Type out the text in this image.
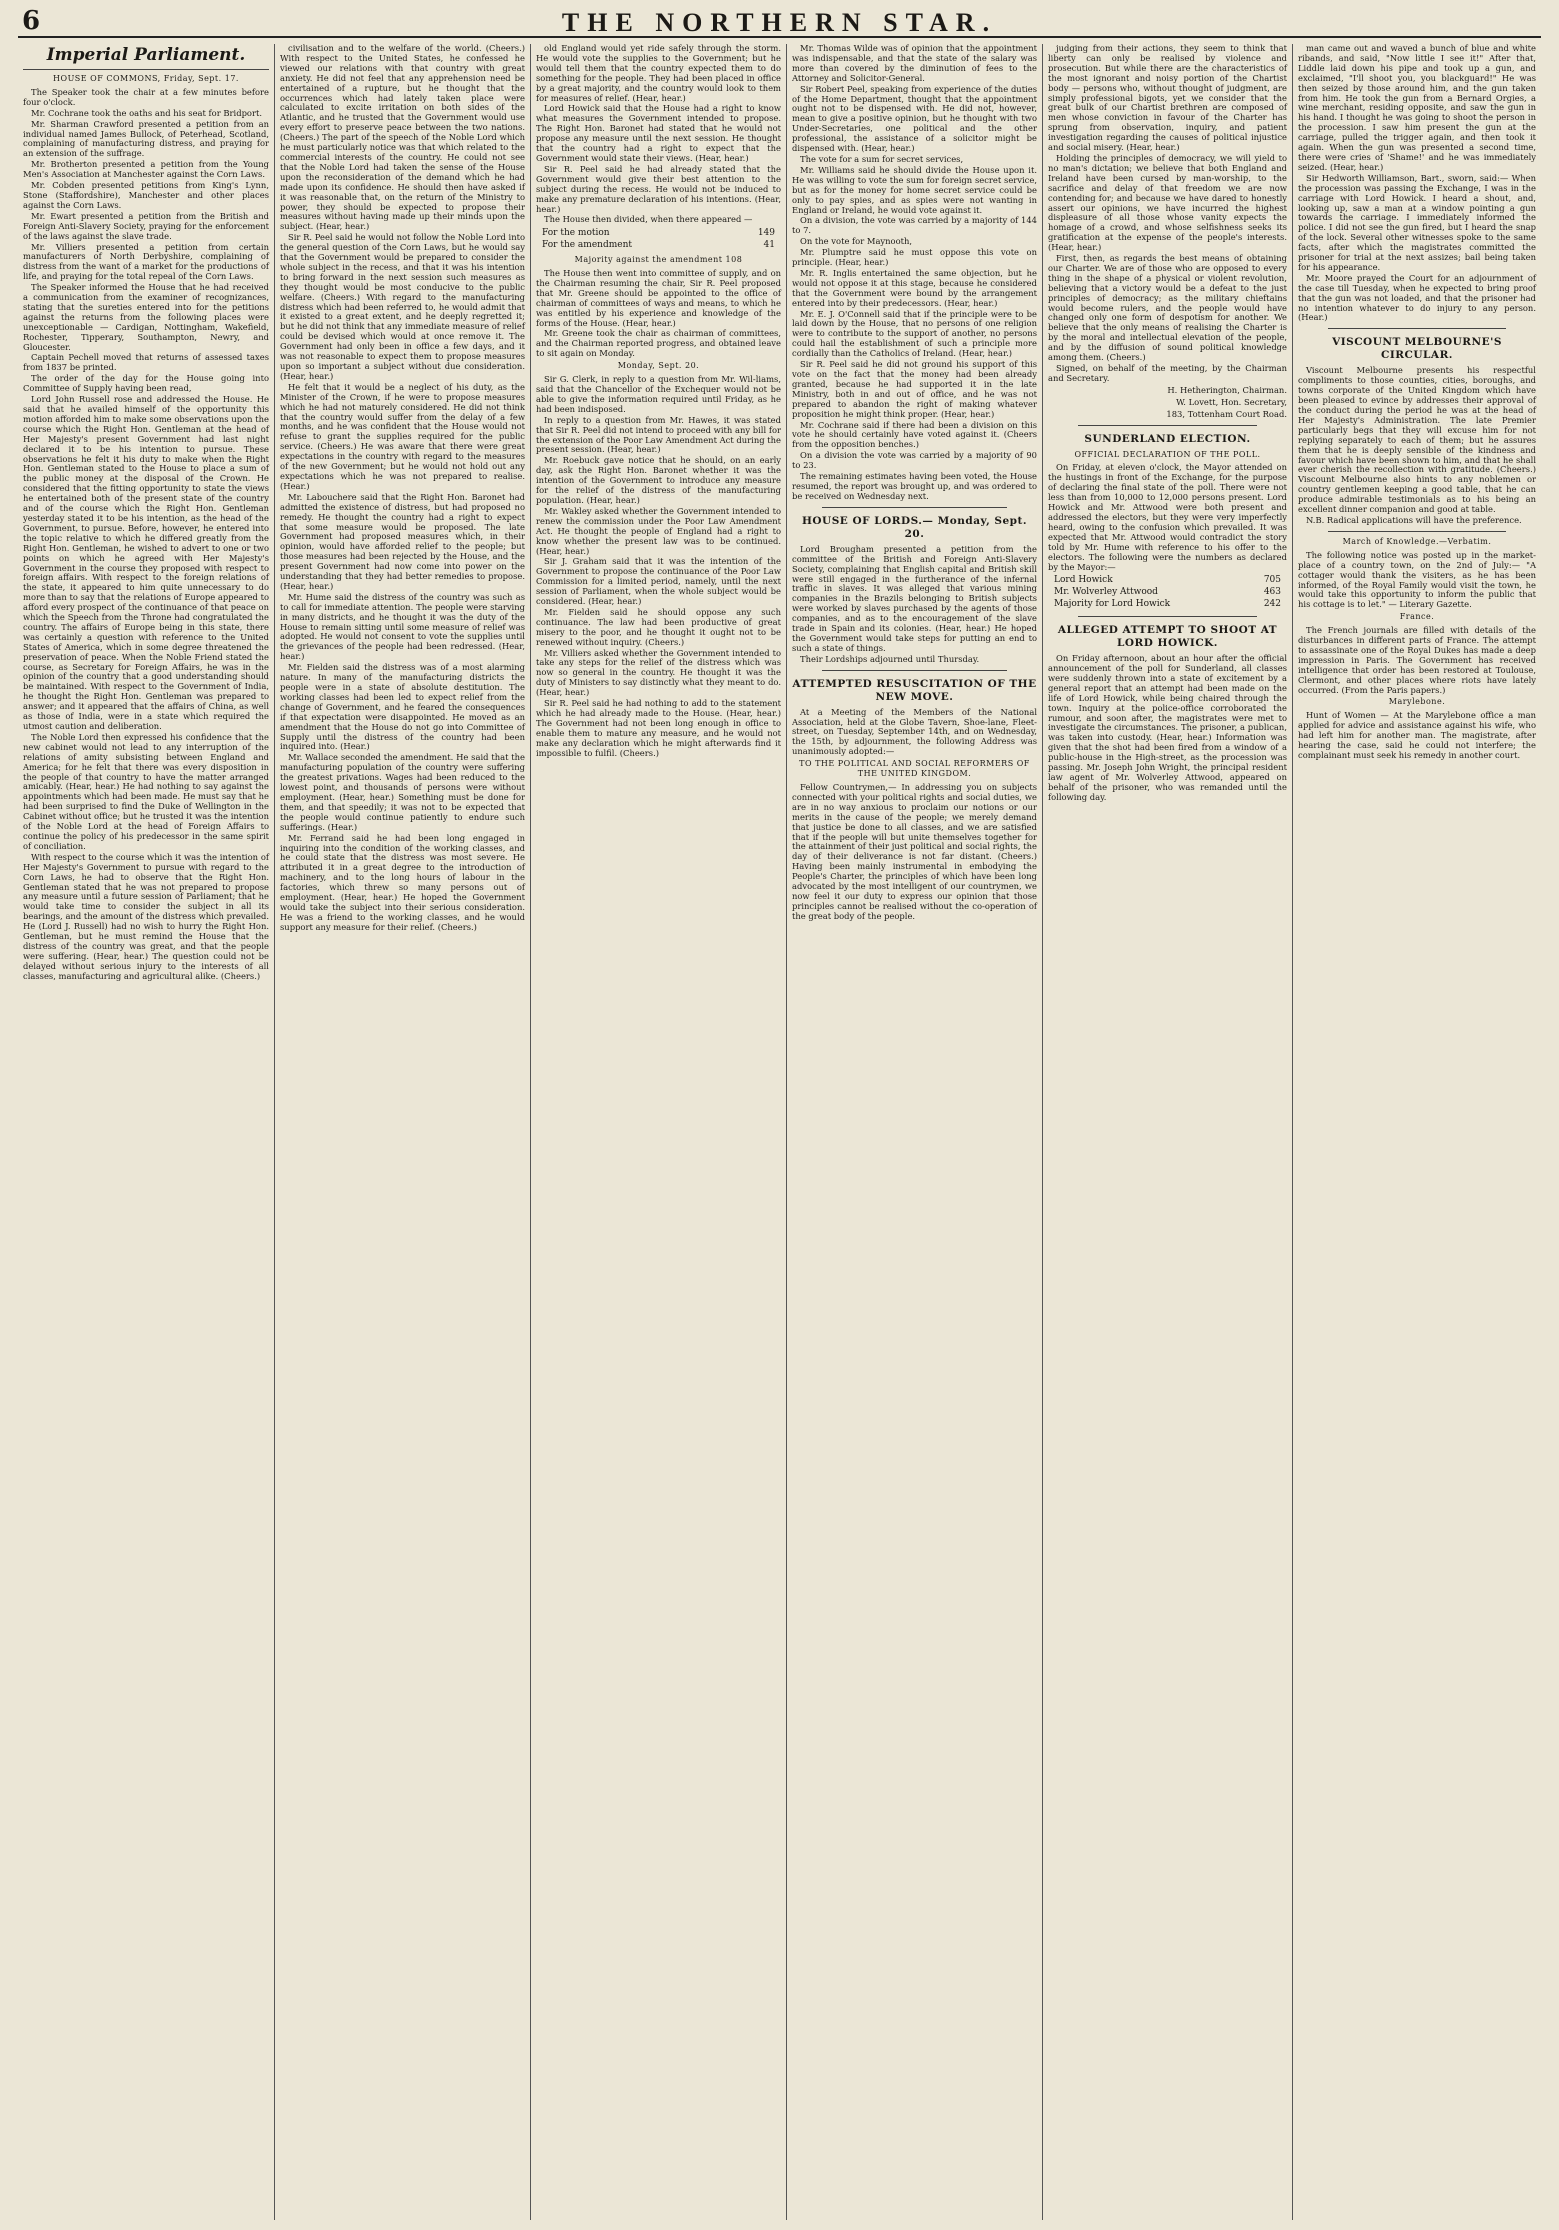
6	THE NORTHERN STAR.
Imperial Parliament.
HOUSE OF COMMONS, Friday, Sept. 17.

The Speaker took the chair at a few minutes before four o'clock.

Mr. Cochrane took the oaths and his seat for Bridport.

Mr. Sharman Crawford presented a petition from an individual named James Bullock, of Peterhead, Scotland, complaining of manufacturing distress, and praying for an extension of the suffrage.

Mr. Brotherton presented a petition from the Young Men's Association at Manchester against the Corn Laws.

Mr. Cobden presented petitions from King's Lynn, Stone (Staffordshire), Manchester and other places against the Corn Laws.

Mr. Ewart presented a petition from the British and Foreign Anti-Slavery Society, praying for the enforcement of the laws against the slave trade.

Mr. Villiers presented a petition from certain manufacturers of North Derbyshire, complaining of distress from the want of a market for the productions of life, and praying for the total repeal of the Corn Laws.

The Speaker informed the House that he had received a communication from the examiner of recognizances, stating that the sureties entered into for the petitions against the returns from the following places were unexceptionable — Cardigan, Nottingham, Wakefield, Rochester, Tipperary, Southampton, Newry, and Gloucester.

Captain Pechell moved that returns of assessed taxes from 1837 be printed.

The order of the day for the House going into Committee of Supply having been read,

Lord John Russell rose and addressed the House. He said that he availed himself of the opportunity this motion afforded him to make some observations upon the course which the Right Hon. Gentleman at the head of Her Majesty's present Government had last night declared it to be his intention to pursue. These observations he felt it his duty to make when the Right Hon. Gentleman stated to the House to place a sum of the public money at the disposal of the Crown. He considered that the fitting opportunity to state the views he entertained both of the present state of the country and of the course which the Right Hon. Gentleman yesterday stated it to be his intention, as the head of the Government, to pursue. Before, however, he entered into the topic relative to which he differed greatly from the Right Hon. Gentleman, he wished to advert to one or two points on which he agreed with Her Majesty's Government in the course they proposed with respect to foreign affairs. With respect to the foreign relations of the state, it appeared to him quite unnecessary to do more than to say that the relations of Europe appeared to afford every prospect of the continuance of that peace on which the Speech from the Throne had congratulated the country. The affairs of Europe being in this state, there was certainly a question with reference to the United States of America, which in some degree threatened the preservation of peace. When the Noble Friend stated the course, as Secretary for Foreign Affairs, he was in the opinion of the country that a good understanding should be maintained. With respect to the Government of India, he thought the Right Hon. Gentleman was prepared to answer; and it appeared that the affairs of China, as well as those of India, were in a state which required the utmost caution and deliberation.

The Noble Lord then expressed his confidence that the new cabinet would not lead to any interruption of the relations of amity subsisting between England and America; for he felt that there was every disposition in the people of that country to have the matter arranged amicably. (Hear, hear.) He had nothing to say against the appointments which had been made. He must say that he had been surprised to find the Duke of Wellington in the Cabinet without office; but he trusted it was the intention of the Noble Lord at the head of Foreign Affairs to continue the policy of his predecessor in the same spirit of conciliation.

With respect to the course which it was the intention of Her Majesty's Government to pursue with regard to the Corn Laws, he had to observe that the Right Hon. Gentleman stated that he was not prepared to propose any measure until a future session of Parliament; that he would take time to consider the subject in all its bearings, and the amount of the distress which prevailed. He (Lord J. Russell) had no wish to hurry the Right Hon. Gentleman, but he must remind the House that the distress of the country was great, and that the people were suffering. (Hear, hear.) The question could not be delayed without serious injury to the interests of all classes, manufacturing and agricultural alike. (Cheers.)

civilisation and to the welfare of the world. (Cheers.) With respect to the United States, he confessed he viewed our relations with that country with great anxiety. He did not feel that any apprehension need be entertained of a rupture, but he thought that the occurrences which had lately taken place were calculated to excite irritation on both sides of the Atlantic, and he trusted that the Government would use every effort to preserve peace between the two nations. (Cheers.) The part of the speech of the Noble Lord which he must particularly notice was that which related to the commercial interests of the country. He could not see that the Noble Lord had taken the sense of the House upon the reconsideration of the demand which he had made upon its confidence. He should then have asked if it was reasonable that, on the return of the Ministry to power, they should be expected to propose their measures without having made up their minds upon the subject. (Hear, hear.)

Sir R. Peel said he would not follow the Noble Lord into the general question of the Corn Laws, but he would say that the Government would be prepared to consider the whole subject in the recess, and that it was his intention to bring forward in the next session such measures as they thought would be most conducive to the public welfare. (Cheers.) With regard to the manufacturing distress which had been referred to, he would admit that it existed to a great extent, and he deeply regretted it; but he did not think that any immediate measure of relief could be devised which would at once remove it. The Government had only been in office a few days, and it was not reasonable to expect them to propose measures upon so important a subject without due consideration. (Hear, hear.)

He felt that it would be a neglect of his duty, as the Minister of the Crown, if he were to propose measures which he had not maturely considered. He did not think that the country would suffer from the delay of a few months, and he was confident that the House would not refuse to grant the supplies required for the public service. (Cheers.) He was aware that there were great expectations in the country with regard to the measures of the new Government; but he would not hold out any expectations which he was not prepared to realise. (Hear.)

Mr. Labouchere said that the Right Hon. Baronet had admitted the existence of distress, but had proposed no remedy. He thought the country had a right to expect that some measure would be proposed. The late Government had proposed measures which, in their opinion, would have afforded relief to the people; but those measures had been rejected by the House, and the present Government had now come into power on the understanding that they had better remedies to propose. (Hear, hear.)

Mr. Hume said the distress of the country was such as to call for immediate attention. The people were starving in many districts, and he thought it was the duty of the House to remain sitting until some measure of relief was adopted. He would not consent to vote the supplies until the grievances of the people had been redressed. (Hear, hear.)

Mr. Fielden said the distress was of a most alarming nature. In many of the manufacturing districts the people were in a state of absolute destitution. The working classes had been led to expect relief from the change of Government, and he feared the consequences if that expectation were disappointed. He moved as an amendment that the House do not go into Committee of Supply until the distress of the country had been inquired into. (Hear.)

Mr. Wallace seconded the amendment. He said that the manufacturing population of the country were suffering the greatest privations. Wages had been reduced to the lowest point, and thousands of persons were without employment. (Hear, hear.) Something must be done for them, and that speedily; it was not to be expected that the people would continue patiently to endure such sufferings. (Hear.)

Mr. Ferrand said he had been long engaged in inquiring into the condition of the working classes, and he could state that the distress was most severe. He attributed it in a great degree to the introduction of machinery, and to the long hours of labour in the factories, which threw so many persons out of employment. (Hear, hear.) He hoped the Government would take the subject into their serious consideration. He was a friend to the working classes, and he would support any measure for their relief. (Cheers.)

old England would yet ride safely through the storm. He would vote the supplies to the Government; but he would tell them that the country expected them to do something for the people. They had been placed in office by a great majority, and the country would look to them for measures of relief. (Hear, hear.)

Lord Howick said that the House had a right to know what measures the Government intended to propose. The Right Hon. Baronet had stated that he would not propose any measure until the next session. He thought that the country had a right to expect that the Government would state their views. (Hear, hear.)

Sir R. Peel said he had already stated that the Government would give their best attention to the subject during the recess. He would not be induced to make any premature declaration of his intentions. (Hear, hear.)

The House then divided, when there appeared —

For the motion	149
For the amendment	41
Majority against the amendment 108

The House then went into committee of supply, and on the Chairman resuming the chair, Sir R. Peel proposed that Mr. Greene should be appointed to the office of chairman of committees of ways and means, to which he was entitled by his experience and knowledge of the forms of the House. (Hear, hear.)

Mr. Greene took the chair as chairman of committees, and the Chairman reported progress, and obtained leave to sit again on Monday.

Monday, Sept. 20.

Sir G. Clerk, in reply to a question from Mr. Wil-liams, said that the Chancellor of the Exchequer would not be able to give the information required until Friday, as he had been indisposed.

In reply to a question from Mr. Hawes, it was stated that Sir R. Peel did not intend to proceed with any bill for the extension of the Poor Law Amendment Act during the present session. (Hear, hear.)

Mr. Roebuck gave notice that he should, on an early day, ask the Right Hon. Baronet whether it was the intention of the Government to introduce any measure for the relief of the distress of the manufacturing population. (Hear, hear.)

Mr. Wakley asked whether the Government intended to renew the commission under the Poor Law Amendment Act. He thought the people of England had a right to know whether the present law was to be continued. (Hear, hear.)

Sir J. Graham said that it was the intention of the Government to propose the continuance of the Poor Law Commission for a limited period, namely, until the next session of Parliament, when the whole subject would be considered. (Hear, hear.)

Mr. Fielden said he should oppose any such continuance. The law had been productive of great misery to the poor, and he thought it ought not to be renewed without inquiry. (Cheers.)

Mr. Villiers asked whether the Government intended to take any steps for the relief of the distress which was now so general in the country. He thought it was the duty of Ministers to say distinctly what they meant to do. (Hear, hear.)

Sir R. Peel said he had nothing to add to the statement which he had already made to the House. (Hear, hear.) The Government had not been long enough in office to enable them to mature any measure, and he would not make any declaration which he might afterwards find it impossible to fulfil. (Cheers.)

Mr. Thomas Wilde was of opinion that the appointment was indispensable, and that the state of the salary was more than covered by the diminution of fees to the Attorney and Solicitor-General.

Sir Robert Peel, speaking from experience of the duties of the Home Department, thought that the appointment ought not to be dispensed with. He did not, however, mean to give a positive opinion, but he thought with two Under-Secretaries, one political and the other professional, the assistance of a solicitor might be dispensed with. (Hear, hear.)

The vote for a sum for secret services,

Mr. Williams said he should divide the House upon it. He was willing to vote the sum for foreign secret service, but as for the money for home secret service could be only to pay spies, and as spies were not wanting in England or Ireland, he would vote against it.

On a division, the vote was carried by a majority of 144 to 7.

On the vote for Maynooth,

Mr. Plumptre said he must oppose this vote on principle. (Hear, hear.)

Mr. R. Inglis entertained the same objection, but he would not oppose it at this stage, because he considered that the Government were bound by the arrangement entered into by their predecessors. (Hear, hear.)

Mr. E. J. O'Connell said that if the principle were to be laid down by the House, that no persons of one religion were to contribute to the support of another, no persons could hail the establishment of such a principle more cordially than the Catholics of Ireland. (Hear, hear.)

Sir R. Peel said he did not ground his support of this vote on the fact that the money had been already granted, because he had supported it in the late Ministry, both in and out of office, and he was not prepared to abandon the right of making whatever proposition he might think proper. (Hear, hear.)

Mr. Cochrane said if there had been a division on this vote he should certainly have voted against it. (Cheers from the opposition benches.)

On a division the vote was carried by a majority of 90 to 23.

The remaining estimates having been voted, the House resumed, the report was brought up, and was ordered to be received on Wednesday next.

HOUSE OF LORDS.— Monday, Sept. 20.

Lord Brougham presented a petition from the committee of the British and Foreign Anti-Slavery Society, complaining that English capital and British skill were still engaged in the furtherance of the infernal traffic in slaves. It was alleged that various mining companies in the Brazils belonging to British subjects were worked by slaves purchased by the agents of those companies, and as to the encouragement of the slave trade in Spain and its colonies. (Hear, hear.) He hoped the Government would take steps for putting an end to such a state of things.

Their Lordships adjourned until Thursday.

ATTEMPTED RESUSCITATION OF THE NEW MOVE.

At a Meeting of the Members of the National Association, held at the Globe Tavern, Shoe-lane, Fleet-street, on Tuesday, September 14th, and on Wednesday, the 15th, by adjournment, the following Address was unanimously adopted:—

TO THE POLITICAL AND SOCIAL REFORMERS OF THE UNITED KINGDOM.

Fellow Countrymen,— In addressing you on subjects connected with your political rights and social duties, we are in no way anxious to proclaim our notions or our merits in the cause of the people; we merely demand that justice be done to all classes, and we are satisfied that if the people will but unite themselves together for the attainment of their just political and social rights, the day of their deliverance is not far distant. (Cheers.) Having been mainly instrumental in embodying the People's Charter, the principles of which have been long advocated by the most intelligent of our countrymen, we now feel it our duty to express our opinion that those principles cannot be realised without the co-operation of the great body of the people.

judging from their actions, they seem to think that liberty can only be realised by violence and prosecution. But while there are the characteristics of the most ignorant and noisy portion of the Chartist body — persons who, without thought of judgment, are simply professional bigots, yet we consider that the great bulk of our Chartist brethren are composed of men whose conviction in favour of the Charter has sprung from observation, inquiry, and patient investigation regarding the causes of political injustice and social misery. (Hear, hear.)

Holding the principles of democracy, we will yield to no man's dictation; we believe that both England and Ireland have been cursed by man-worship, to the sacrifice and delay of that freedom we are now contending for; and because we have dared to honestly assert our opinions, we have incurred the highest displeasure of all those whose vanity expects the homage of a crowd, and whose selfishness seeks its gratification at the expense of the people's interests. (Hear, hear.)

First, then, as regards the best means of obtaining our Charter. We are of those who are opposed to every thing in the shape of a physical or violent revolution, believing that a victory would be a defeat to the just principles of democracy; as the military chieftains would become rulers, and the people would have changed only one form of despotism for another. We believe that the only means of realising the Charter is by the moral and intellectual elevation of the people, and by the diffusion of sound political knowledge among them. (Cheers.)

Signed, on behalf of the meeting, by the Chairman and Secretary.

H. Hetherington, Chairman.
W. Lovett, Hon. Secretary,
183, Tottenham Court Road.
SUNDERLAND ELECTION.
OFFICIAL DECLARATION OF THE POLL.

On Friday, at eleven o'clock, the Mayor attended on the hustings in front of the Exchange, for the purpose of declaring the final state of the poll. There were not less than from 10,000 to 12,000 persons present. Lord Howick and Mr. Attwood were both present and addressed the electors, but they were very imperfectly heard, owing to the confusion which prevailed. It was expected that Mr. Attwood would contradict the story told by Mr. Hume with reference to his offer to the electors. The following were the numbers as declared by the Mayor:—

Lord Howick	705
Mr. Wolverley Attwood	463
Majority for Lord Howick	242
ALLEGED ATTEMPT TO SHOOT AT LORD HOWICK.

On Friday afternoon, about an hour after the official announcement of the poll for Sunderland, all classes were suddenly thrown into a state of excitement by a general report that an attempt had been made on the life of Lord Howick, while being chaired through the town. Inquiry at the police-office corroborated the rumour, and soon after, the magistrates were met to investigate the circumstances. The prisoner, a publican, was taken into custody. (Hear, hear.) Information was given that the shot had been fired from a window of a public-house in the High-street, as the procession was passing. Mr. Joseph John Wright, the principal resident law agent of Mr. Wolverley Attwood, appeared on behalf of the prisoner, who was remanded until the following day.

man came out and waved a bunch of blue and white ribands, and said, "Now little I see it!" After that, Liddle laid down his pipe and took up a gun, and exclaimed, "I'll shoot you, you blackguard!" He was then seized by those around him, and the gun taken from him. He took the gun from a Bernard Orgies, a wine merchant, residing opposite, and saw the gun in his hand. I thought he was going to shoot the person in the procession. I saw him present the gun at the carriage, pulled the trigger again, and then took it again. When the gun was presented a second time, there were cries of 'Shame!' and he was immediately seized. (Hear, hear.)

Sir Hedworth Williamson, Bart., sworn, said:— When the procession was passing the Exchange, I was in the carriage with Lord Howick. I heard a shout, and, looking up, saw a man at a window pointing a gun towards the carriage. I immediately informed the police. I did not see the gun fired, but I heard the snap of the lock. Several other witnesses spoke to the same facts, after which the magistrates committed the prisoner for trial at the next assizes; bail being taken for his appearance.

Mr. Moore prayed the Court for an adjournment of the case till Tuesday, when he expected to bring proof that the gun was not loaded, and that the prisoner had no intention whatever to do injury to any person. (Hear.)

VISCOUNT MELBOURNE'S CIRCULAR.

Viscount Melbourne presents his respectful compliments to those counties, cities, boroughs, and towns corporate of the United Kingdom which have been pleased to evince by addresses their approval of the conduct during the period he was at the head of Her Majesty's Administration. The late Premier particularly begs that they will excuse him for not replying separately to each of them; but he assures them that he is deeply sensible of the kindness and favour which have been shown to him, and that he shall ever cherish the recollection with gratitude. (Cheers.) Viscount Melbourne also hints to any noblemen or country gentlemen keeping a good table, that he can produce admirable testimonials as to his being an excellent dinner companion and good at table.

N.B. Radical applications will have the preference.

March of Knowledge.—Verbatim.

The following notice was posted up in the market-place of a country town, on the 2nd of July:— "A cottager would thank the visiters, as he has been informed, of the Royal Family would visit the town, he would take this opportunity to inform the public that his cottage is to let." — Literary Gazette.

France.

The French journals are filled with details of the disturbances in different parts of France. The attempt to assassinate one of the Royal Dukes has made a deep impression in Paris. The Government has received intelligence that order has been restored at Toulouse, Clermont, and other places where riots have lately occurred. (From the Paris papers.)

Marylebone.

Hunt of Women — At the Marylebone office a man applied for advice and assistance against his wife, who had left him for another man. The magistrate, after hearing the case, said he could not interfere; the complainant must seek his remedy in another court.
